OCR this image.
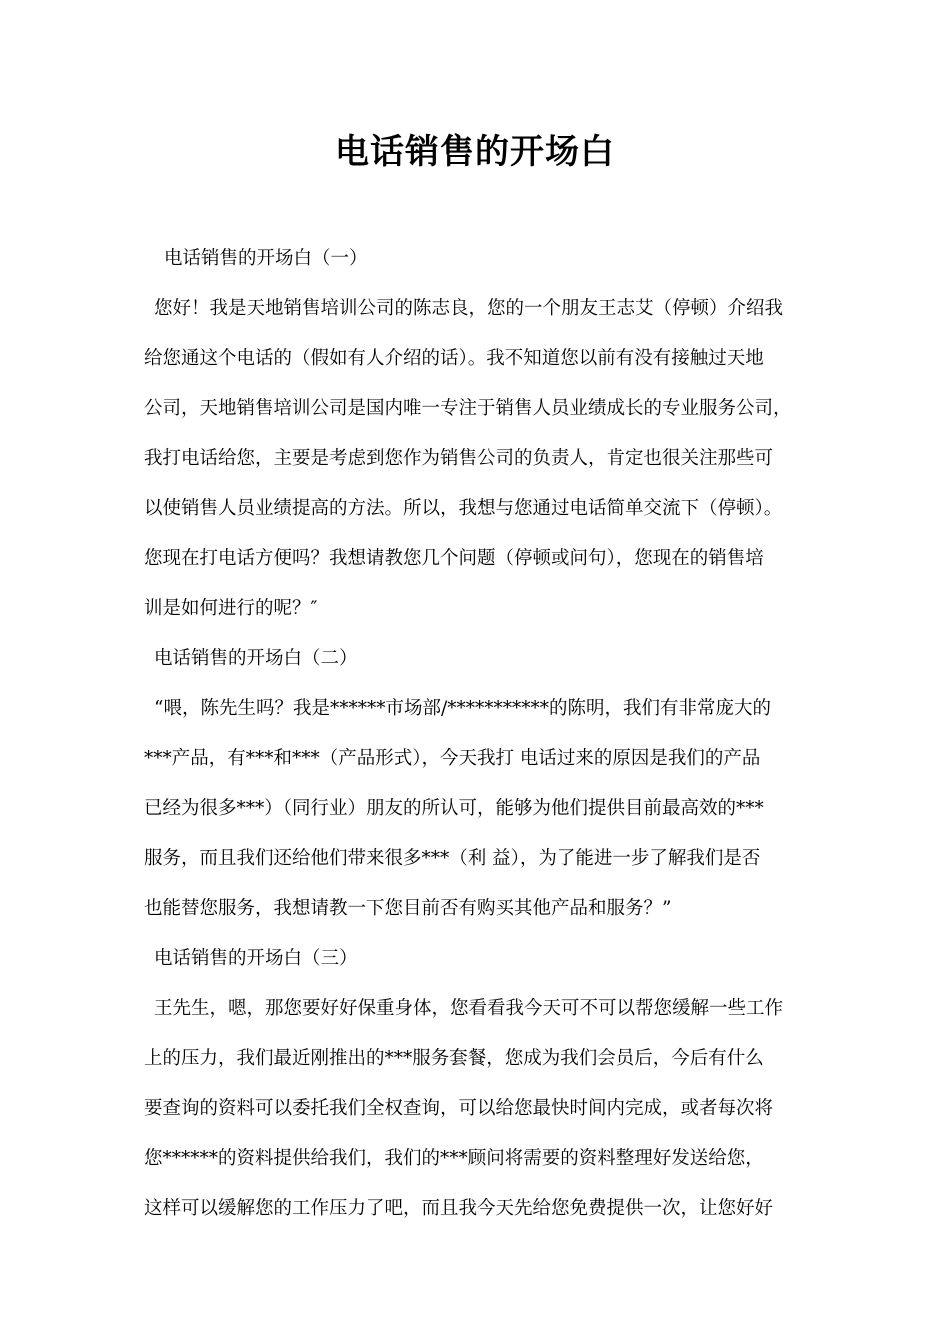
电话销售的开场白
电话销售的开场白（一）
您好！我是天地销售培训公司的陈志良，您的一个朋友王志艾（停顿）介绍我
给您通这个电话的（假如有人介绍的话）。我不知道您以前有没有接触过天地
公司，天地销售培训公司是国内唯一专注于销售人员业绩成长的专业服务公司，
我打电话给您，主要是考虑到您作为销售公司的负责人，肯定也很关注那些可
以使销售人员业绩提高的方法。所以，我想与您通过电话简单交流下（停顿）。
您现在打电话方便吗？我想请教您几个问题（停顿或问句），您现在的销售培
训是如何进行的呢？″
电话销售的开场白（二）
“喂，陈先生吗？我是******市场部/***********的陈明，我们有非常庞大的
***产品，有***和***（产品形式），今天我打 电话过来的原因是我们的产品
已经为很多***）（同行业）朋友的所认可，能够为他们提供目前最高效的***
服务，而且我们还给他们带来很多***（利 益），为了能进一步了解我们是否
也能替您服务，我想请教一下您目前否有购买其他产品和服务？”
电话销售的开场白（三）
王先生，嗯，那您要好好保重身体，您看看我今天可不可以帮您缓解一些工作
上的压力，我们最近刚推出的***服务套餐，您成为我们会员后，今后有什么
要查询的资料可以委托我们全权查询，可以给您最快时间内完成，或者每次将
您******的资料提供给我们，我们的***顾问将需要的资料整理好发送给您，
这样可以缓解您的工作压力了吧，而且我今天先给您免费提供一次，让您好好
